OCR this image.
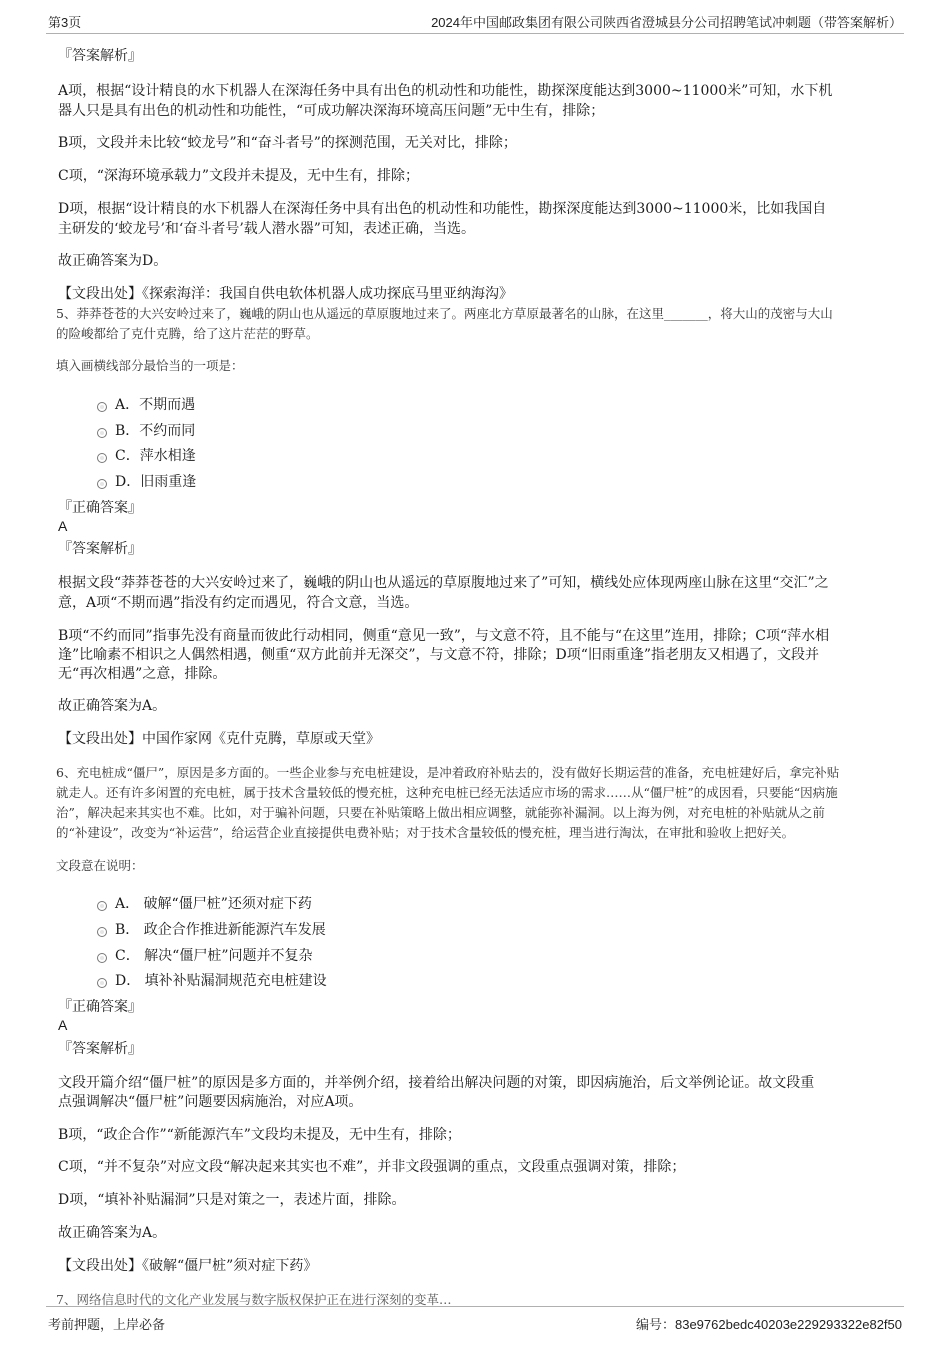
第3页	2024年中国邮政集团有限公司陕西省澄城县分公司招聘笔试冲刺题（带答案解析）
『答案解析』
A项，根据“设计精良的水下机器人在深海任务中具有出色的机动性和功能性，勘探深度能达到3000~11000米”可知，水下机
器人只是具有出色的机动性和功能性，“可成功解决深海环境高压问题”无中生有，排除；
B项，文段并未比较“蛟龙号”和“奋斗者号”的探测范围，无关对比，排除；
C项，“深海环境承载力”文段并未提及，无中生有，排除；
D项，根据“设计精良的水下机器人在深海任务中具有出色的机动性和功能性，勘探深度能达到3000~11000米，比如我国自
主研发的‘蛟龙号’和‘奋斗者号’载人潜水器”可知，表述正确，当选。
故正确答案为D。
【文段出处】《探索海洋：我国自供电软体机器人成功探底马里亚纳海沟》
5、莽莽苍苍的大兴安岭过来了，巍峨的阴山也从遥远的草原腹地过来了。两座北方草原最著名的山脉，在这里_______，将大山的茂密与大山
的险峻都给了克什克腾，给了这片茫茫的野草。
填入画横线部分最恰当的一项是：
A．不期而遇
B．不约而同
C．萍水相逢
D．旧雨重逢
『正确答案』
A
『答案解析』
根据文段“莽莽苍苍的大兴安岭过来了，巍峨的阴山也从遥远的草原腹地过来了”可知，横线处应体现两座山脉在这里“交汇”之
意，A项“不期而遇”指没有约定而遇见，符合文意，当选。
B项“不约而同”指事先没有商量而彼此行动相同，侧重“意见一致”，与文意不符，且不能与“在这里”连用，排除；C项“萍水相
逢”比喻素不相识之人偶然相遇，侧重“双方此前并无深交”，与文意不符，排除；D项“旧雨重逢”指老朋友又相遇了，文段并
无“再次相遇”之意，排除。
故正确答案为A。
【文段出处】中国作家网《克什克腾，草原或天堂》
6、充电桩成“僵尸”，原因是多方面的。一些企业参与充电桩建设，是冲着政府补贴去的，没有做好长期运营的准备，充电桩建好后，拿完补贴
就走人。还有许多闲置的充电桩，属于技术含量较低的慢充桩，这种充电桩已经无法适应市场的需求……从“僵尸桩”的成因看，只要能“因病施
治”，解决起来其实也不难。比如，对于骗补问题，只要在补贴策略上做出相应调整，就能弥补漏洞。以上海为例，对充电桩的补贴就从之前
的“补建设”，改变为“补运营”，给运营企业直接提供电费补贴；对于技术含量较低的慢充桩，理当进行淘汰，在审批和验收上把好关。
文段意在说明：
A． 破解“僵尸桩”还须对症下药
B． 政企合作推进新能源汽车发展
C． 解决“僵尸桩”问题并不复杂
D． 填补补贴漏洞规范充电桩建设
『正确答案』
A
『答案解析』
文段开篇介绍“僵尸桩”的原因是多方面的，并举例介绍，接着给出解决问题的对策，即因病施治，后文举例论证。故文段重
点强调解决“僵尸桩”问题要因病施治，对应A项。
B项，“政企合作”“新能源汽车”文段均未提及，无中生有，排除；
C项，“并不复杂”对应文段“解决起来其实也不难”，并非文段强调的重点，文段重点强调对策，排除；
D项，“填补补贴漏洞”只是对策之一，表述片面，排除。
故正确答案为A。
【文段出处】《破解“僵尸桩”须对症下药》
7、网络信息时代的文化产业发展与数字版权保护正在进行深刻的变革…
考前押题，上岸必备	编号：83e9762bedc40203e229293322e82f50
